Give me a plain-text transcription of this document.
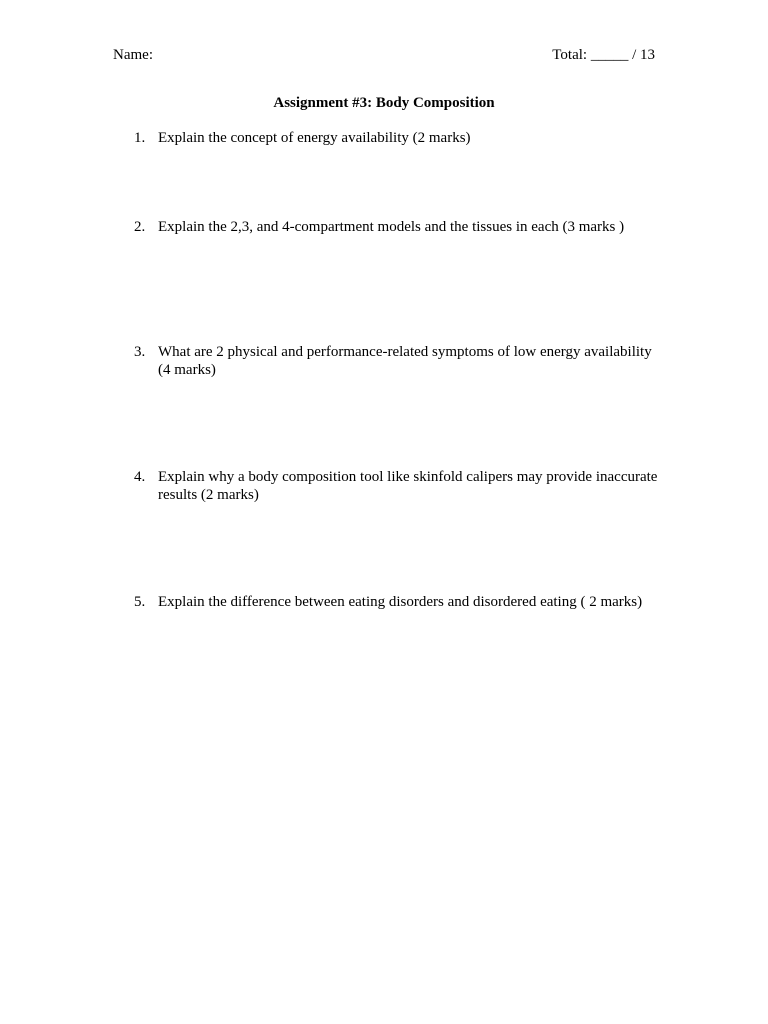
Name:	Total: _____ / 13
Assignment #3: Body Composition
1. Explain the concept of energy availability (2 marks)
2. Explain the 2,3, and 4-compartment models and the tissues in each (3 marks )
3. What are 2 physical and performance-related symptoms of low energy availability (4 marks)
4. Explain why a body composition tool like skinfold calipers may provide inaccurate results (2 marks)
5. Explain the difference between eating disorders and disordered eating ( 2 marks)
